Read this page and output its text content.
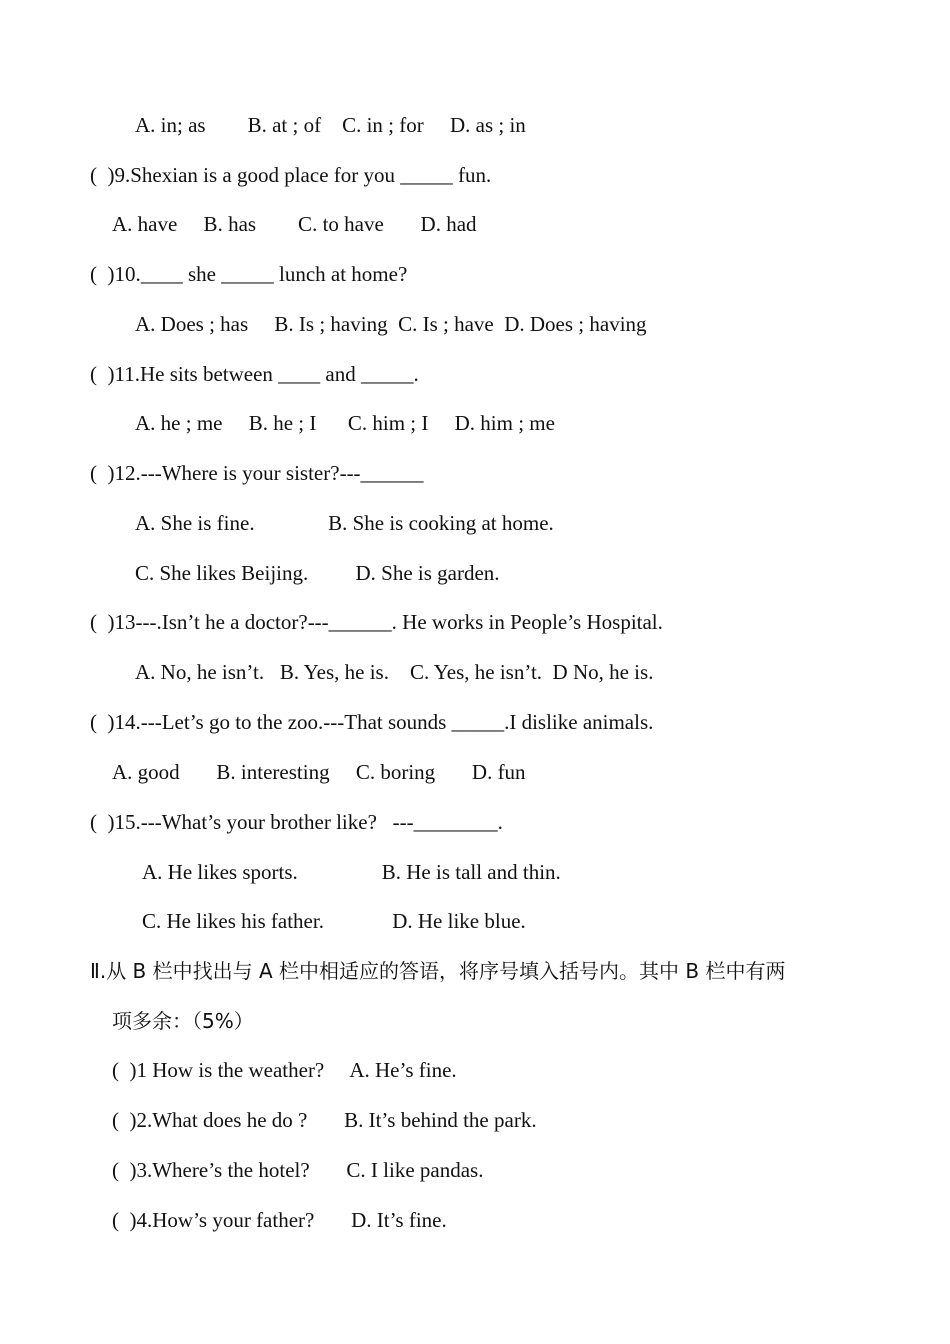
A. in; as        B. at ; of    C. in ; for     D. as ; in
(  )9.Shexian is a good place for you _____ fun.
A. have     B. has        C. to have       D. had
(  )10.____ she _____ lunch at home?
A. Does ; has     B. Is ; having  C. Is ; have  D. Does ; having
(  )11.He sits between ____ and _____.
A. he ; me     B. he ; I      C. him ; I     D. him ; me
(  )12.---Where is your sister?---______
A. She is fine.              B. She is cooking at home.
C. She likes Beijing.         D. She is garden.
(  )13---.Isn’t he a doctor?---______. He works in People’s Hospital.
A. No, he isn’t.   B. Yes, he is.    C. Yes, he isn’t.  D No, he is.
(  )14.---Let’s go to the zoo.---That sounds _____.I dislike animals.
A. good       B. interesting     C. boring       D. fun
(  )15.---What’s your brother like?   ---________.
A. He likes sports.                B. He is tall and thin.
C. He likes his father.             D. He like blue.
Ⅱ.从 B 栏中找出与 A 栏中相适应的答语，将序号填入括号内。其中 B 栏中有两
项多余：（5%）
(  )1 How is the weather?     A. He’s fine.
(  )2.What does he do ?       B. It’s behind the park.
(  )3.Where’s the hotel?       C. I like pandas.
(  )4.How’s your father?       D. It’s fine.
